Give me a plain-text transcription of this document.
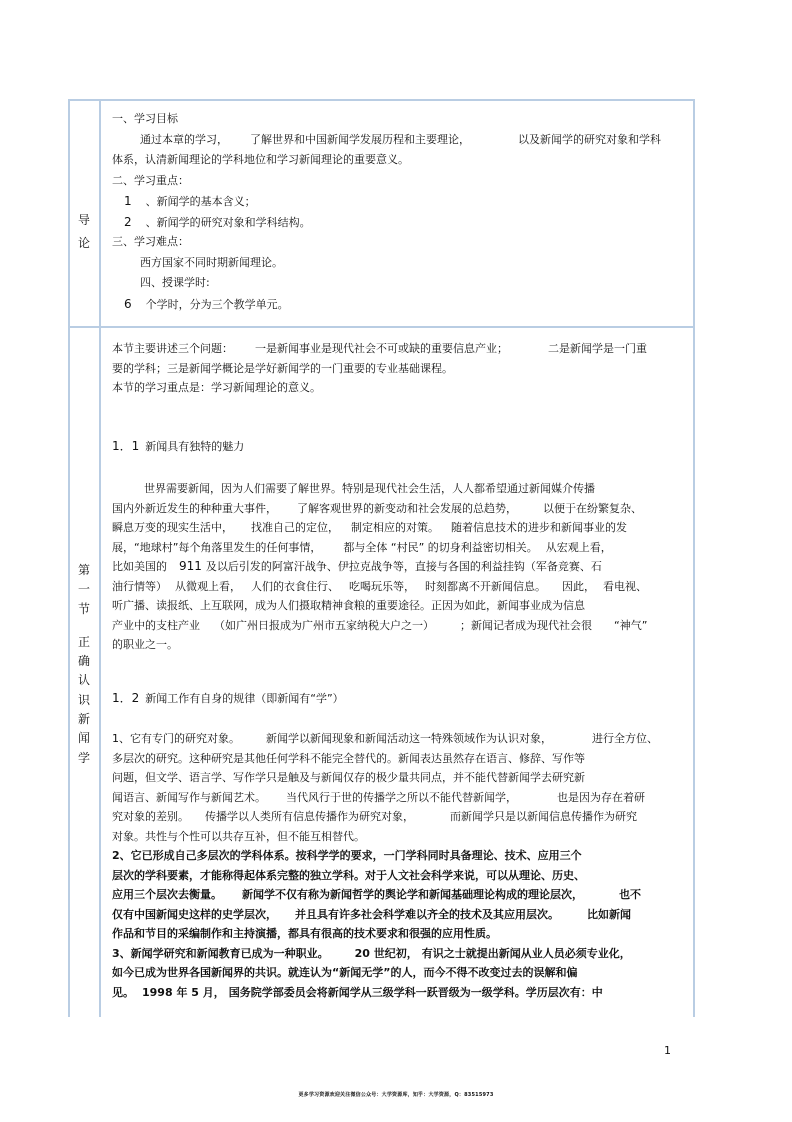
导
论

一、学习目标

通过本章的学习， 了解世界和中国新闻学发展历程和主要理论，	以及新闻学的研究对象和学科

体系，认清新闻理论的学科地位和学习新闻理论的重要意义。

二、学习重点：

1 、新闻学的基本含义；

2 、新闻学的研究对象和学科结构。

三、学习难点：

西方国家不同时期新闻理论。

四、授课学时:

6 个学时，分为三个教学单元。

第
一
节
正
确
认
识
新
闻
学

本节主要讲述三个问题： 一是新闻事业是现代社会不可或缺的重要信息产业；	二是新闻学是一门重

要的学科；三是新闻学概论是学好新闻学的一门重要的专业基础课程。

本节的学习重点是：学习新闻理论的意义。

1．1 新闻具有独特的魅力

世界需要新闻，因为人们需要了解世界。特别是现代社会生活，人人都希望通过新闻媒介传播

国内外新近发生的种种重大事件， 了解客观世界的新变动和社会发展的总趋势， 以便于在纷繁复杂、

瞬息万变的现实生活中， 找准自己的定位， 制定相应的对策。 随着信息技术的进步和新闻事业的发

展，“地球村”每个角落里发生的任何事情， 都与全体 “村民” 的切身利益密切相关。 从宏观上看，

比如美国的 911 及以后引发的阿富汗战争、伊拉克战争等，直接与各国的利益挂钩（军备竞赛、石

油行情等） 从微观上看， 人们的衣食住行、 吃喝玩乐等， 时刻都离不开新闻信息。 因此， 看电视、

听广播、读报纸、上互联网，成为人们摄取精神食粮的重要途径。正因为如此，新闻事业成为信息

产业中的支柱产业 （如广州日报成为广州市五家纳税大户之一） ；新闻记者成为现代社会很 “神气”

的职业之一。

1．2 新闻工作有自身的规律（即新闻有“学”）

1、它有专门的研究对象。 新闻学以新闻现象和新闻活动这一特殊领域作为认识对象，	进行全方位、

多层次的研究。这种研究是其他任何学科不能完全替代的。新闻表达虽然存在语言、修辞、写作等

问题，但文学、语言学、写作学只是触及与新闻仅存的极少量共同点，并不能代替新闻学去研究新

闻语言、新闻写作与新闻艺术。 当代风行于世的传播学之所以不能代替新闻学，	也是因为存在着研

究对象的差别。 传播学以人类所有信息传播作为研究对象，	而新闻学只是以新闻信息传播作为研究

对象。共性与个性可以共存互补，但不能互相替代。

2、它已形成自己多层次的学科体系。按科学学的要求，一门学科同时具备理论、技术、应用三个

层次的学科要素，才能称得起体系完整的独立学科。对于人文社会科学来说，可以从理论、历史、

应用三个层次去衡量。 新闻学不仅有称为新闻哲学的舆论学和新闻基础理论构成的理论层次，	也不

仅有中国新闻史这样的史学层次， 并且具有许多社会科学难以齐全的技术及其应用层次。	比如新闻

作品和节目的采编制作和主持演播，都具有很高的技术要求和很强的应用性质。

3、新闻学研究和新闻教育已成为一种职业。 20 世纪初， 有识之士就提出新闻从业人员必须专业化，

如今已成为世界各国新闻界的共识。就连认为“新闻无学”的人，而今不得不改变过去的误解和偏

见。 1998 年 5 月， 国务院学部委员会将新闻学从三级学科一跃晋级为一级学科。学历层次有：中

1
更多学习资源欢迎关注微信公众号：大学资源库，知乎：大学资源，Q：83515973
